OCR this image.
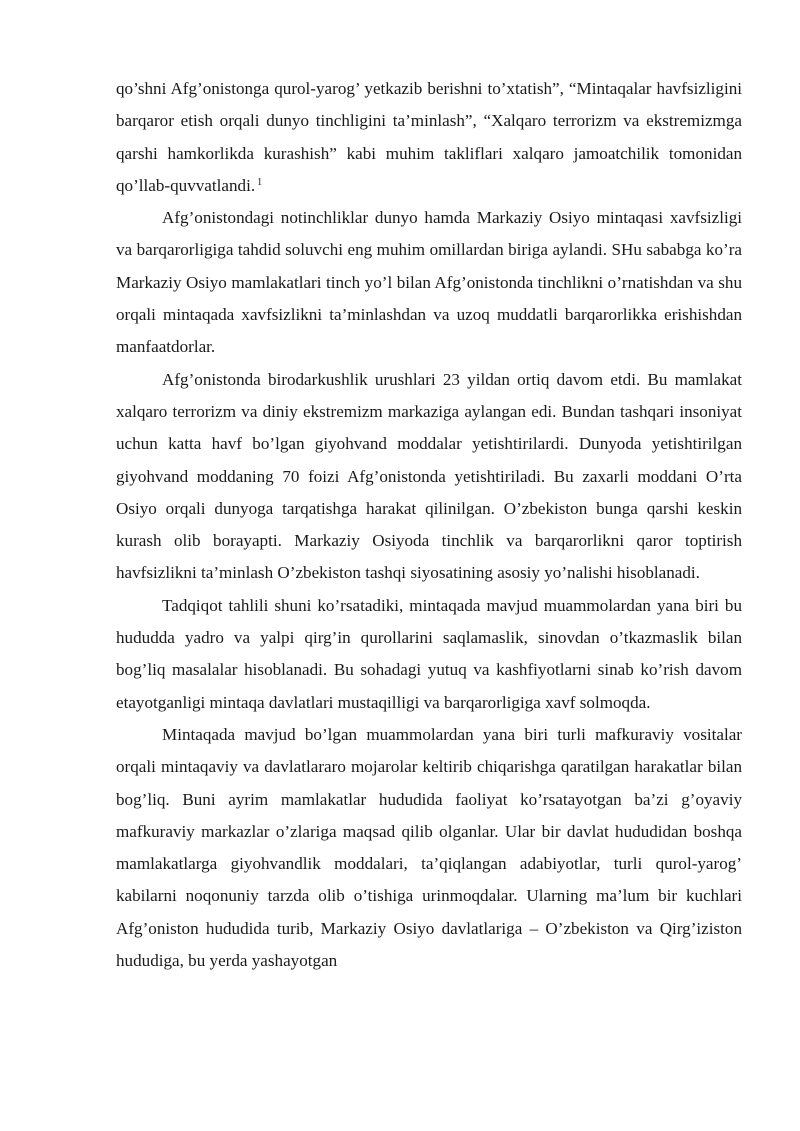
qo’shni Afg’onistonga qurol-yarog’ yetkazib berishni to’xtatish”, “Mintaqalar havfsizligini barqaror etish orqali dunyo tinchligini ta’minlash”, “Xalqaro terrorizm va ekstremizmga qarshi hamkorlikda kurashish” kabi muhim takliflari xalqaro jamoatchilik tomonidan qo’llab-quvvatlandi. $^1$

Afg’onistondagi notinchliklar dunyo hamda Markaziy Osiyo mintaqasi xavfsizligi va barqarorligiga tahdid soluvchi eng muhim omillardan biriga aylandi. SHu sababga ko’ra Markaziy Osiyo mamlakatlari tinch yo’l bilan Afg’onistonda tinchlikni o’rnatishdan va shu orqali mintaqada xavfsizlikni ta’minlashdan va uzoq muddatli barqarorlikka erishishdan manfaatdorlar.

Afg’onistonda birodarkushlik urushlari 23 yildan ortiq davom etdi. Bu mamlakat xalqaro terrorizm va diniy ekstremizm markaziga aylangan edi. Bundan tashqari insoniyat uchun katta havf bo’lgan giyohvand moddalar yetishtirilardi. Dunyoda yetishtirilgan giyohvand moddaning 70 foizi Afg’onistonda yetishtiriladi. Bu zaxarli moddani O’rta Osiyo orqali dunyoga tarqatishga harakat qilinilgan. O’zbekiston bunga qarshi keskin kurash olib borayapti. Markaziy Osiyoda tinchlik va barqarorlikni qaror toptirish havfsizlikni ta’minlash O’zbekiston tashqi siyosatining asosiy yo’nalishi hisoblanadi.

Tadqiqot tahlili shuni ko’rsatadiki, mintaqada mavjud muammolardan yana biri bu hududda yadro va yalpi qirg’in qurollarini saqlamaslik, sinovdan o’tkazmaslik bilan bog’liq masalalar hisoblanadi. Bu sohadagi yutuq va kashfiyotlarni sinab ko’rish davom etayotganligi mintaqa davlatlari mustaqilligi va barqarorligiga xavf solmoqda.

Mintaqada mavjud bo’lgan muammolardan yana biri turli mafkuraviy vositalar orqali mintaqaviy va davlatlararo mojarolar keltirib chiqarishga qaratilgan harakatlar bilan bog’liq. Buni ayrim mamlakatlar hududida faoliyat ko’rsatayotgan ba’zi g’oyaviy mafkuraviy markazlar o’zlariga maqsad qilib olganlar. Ular bir davlat hududidan boshqa mamlakatlarga giyohvandlik moddalari, ta’qiqlangan adabiyotlar, turli qurol-yarog’ kabilarni noqonuniy tarzda olib o’tishiga urinmoqdalar. Ularning ma’lum bir kuchlari Afg’oniston hududida turib, Markaziy Osiyo davlatlariga – O’zbekiston va Qirg’iziston hududiga, bu yerda yashayotgan
